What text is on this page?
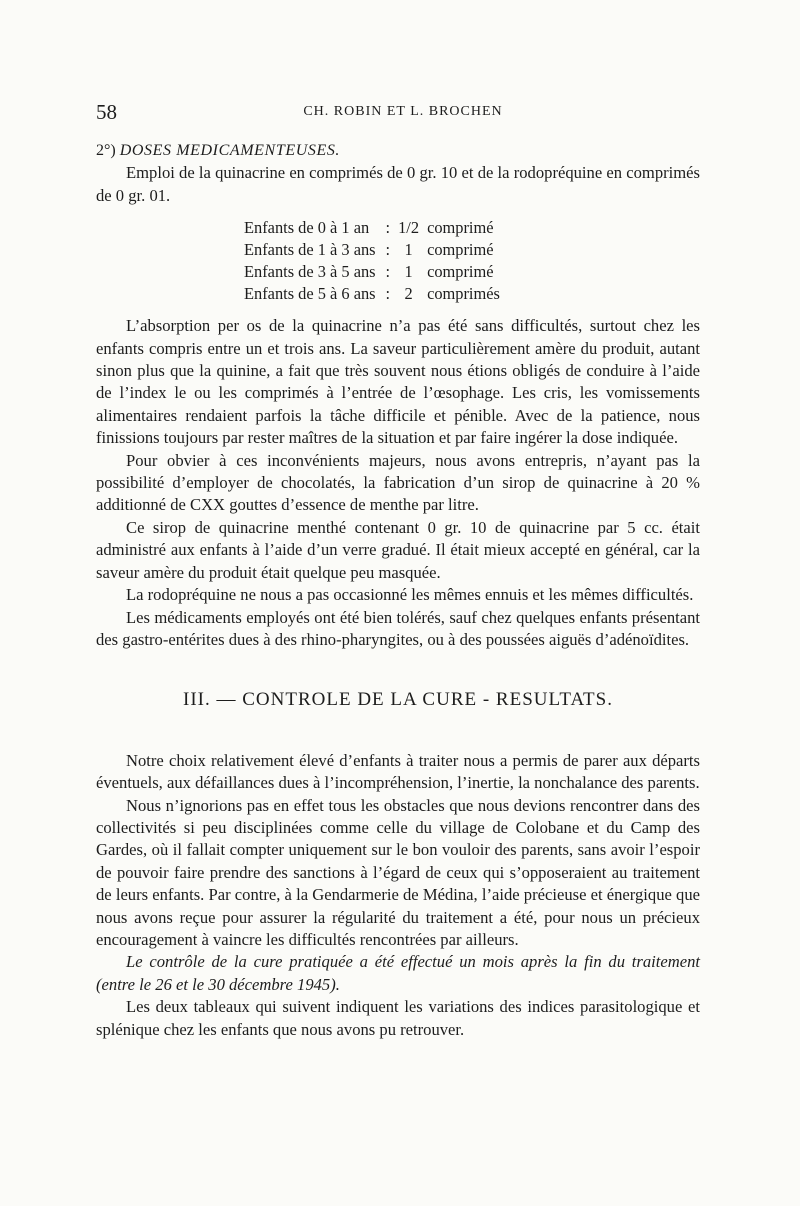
58	CH. ROBIN ET L. BROCHEN

2°) DOSES MEDICAMENTEUSES.

Emploi de la quinacrine en comprimés de 0 gr. 10 et de la rodopréquine en comprimés de 0 gr. 01.

Enfants de 0 à 1 an	:	1/2	comprimé
Enfants de 1 à 3 ans	:	1	comprimé
Enfants de 3 à 5 ans	:	1	comprimé
Enfants de 5 à 6 ans	:	2	comprimés

L’absorption per os de la quinacrine n’a pas été sans difficultés, surtout chez les enfants compris entre un et trois ans. La saveur particulièrement amère du produit, autant sinon plus que la quinine, a fait que très souvent nous étions obligés de conduire à l’aide de l’index le ou les comprimés à l’entrée de l’œsophage. Les cris, les vomissements alimentaires rendaient parfois la tâche difficile et pénible. Avec de la patience, nous finissions toujours par rester maîtres de la situation et par faire ingérer la dose indiquée.

Pour obvier à ces inconvénients majeurs, nous avons entrepris, n’ayant pas la possibilité d’employer de chocolatés, la fabrication d’un sirop de quinacrine à 20 % additionné de CXX gouttes d’essence de menthe par litre.

Ce sirop de quinacrine menthé contenant 0 gr. 10 de quinacrine par 5 cc. était administré aux enfants à l’aide d’un verre gradué. Il était mieux accepté en général, car la saveur amère du produit était quelque peu masquée.

La rodopréquine ne nous a pas occasionné les mêmes ennuis et les mêmes difficultés.

Les médicaments employés ont été bien tolérés, sauf chez quelques enfants présentant des gastro-entérites dues à des rhino-pharyngites, ou à des poussées aiguës d’adénoïdites.

III. — CONTROLE DE LA CURE - RESULTATS.

Notre choix relativement élevé d’enfants à traiter nous a permis de parer aux départs éventuels, aux défaillances dues à l’incompréhension, l’inertie, la nonchalance des parents.

Nous n’ignorions pas en effet tous les obstacles que nous devions rencontrer dans des collectivités si peu disciplinées comme celle du village de Colobane et du Camp des Gardes, où il fallait compter uniquement sur le bon vouloir des parents, sans avoir l’espoir de pouvoir faire prendre des sanctions à l’égard de ceux qui s’opposeraient au traitement de leurs enfants. Par contre, à la Gendarmerie de Médina, l’aide précieuse et énergique que nous avons reçue pour assurer la régularité du traitement a été, pour nous un précieux encouragement à vaincre les difficultés rencontrées par ailleurs.

Le contrôle de la cure pratiquée a été effectué un mois après la fin du traitement (entre le 26 et le 30 décembre 1945).

Les deux tableaux qui suivent indiquent les variations des indices parasitologique et splénique chez les enfants que nous avons pu retrouver.
